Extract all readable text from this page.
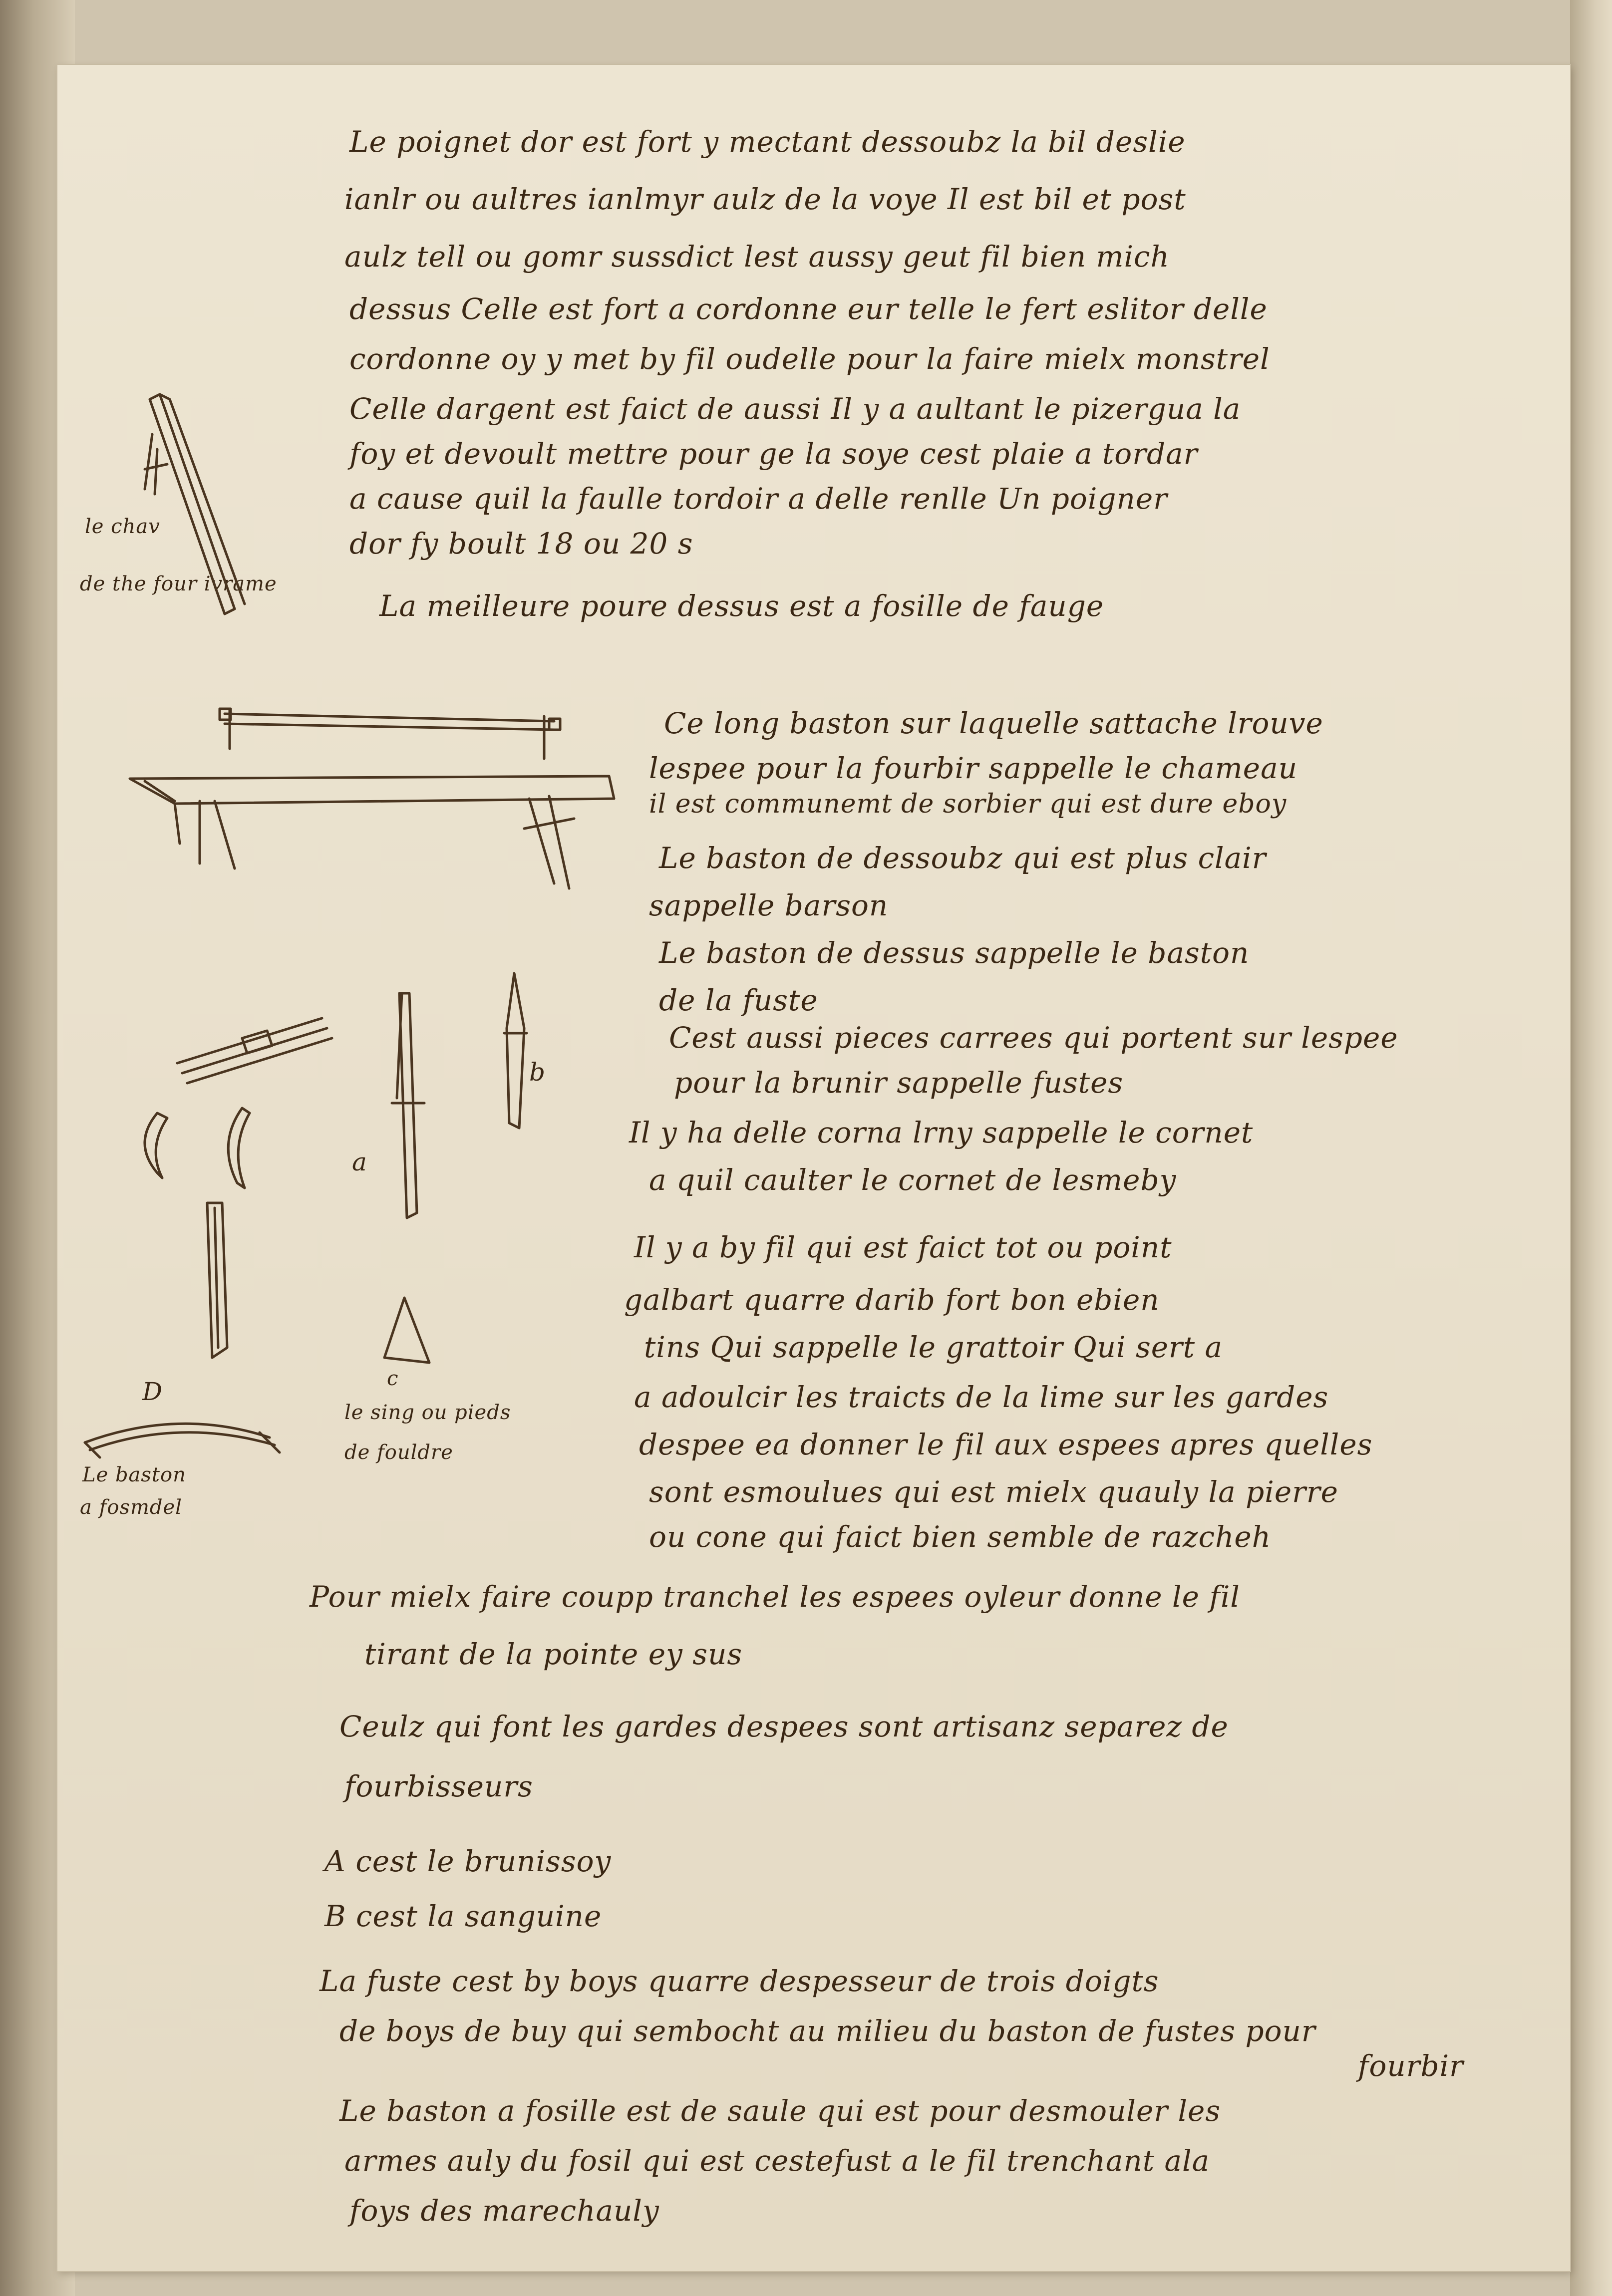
Le poignet dor est fort y mectant dessoubz la bil deslie
ianlr ou aultres ianlmyr aulz de la voye Il est bil et post
aulz tell ou gomr sussdict lest aussy geut fil bien mich
dessus Celle est fort a cordonne eur telle le fert eslitor delle
cordonne oy y met by fil oudelle pour la faire mielx monstrel
Celle dargent est faict de aussi Il y a aultant le pizergua la
foy et devoult mettre pour ge la soye cest plaie a tordar
a cause quil la faulle tordoir a delle renlle Un poigner
dor fy boult 18 ou 20 s
La meilleure poure dessus est a fosille de fauge
Ce long baston sur laquelle sattache lrouve
lespee pour la fourbir sappelle le chameau
il est communemt de sorbier qui est dure eboy
Le baston de dessoubz qui est plus clair
sappelle barson
Le baston de dessus sappelle le baston
de la fuste
Cest aussi pieces carrees qui portent sur lespee
pour la brunir sappelle fustes
Il y ha delle corna lrny sappelle le cornet
a quil caulter le cornet de lesmeby
Il y a by fil qui est faict tot ou point
galbart quarre darib fort bon ebien
tins Qui sappelle le grattoir Qui sert a
a adoulcir les traicts de la lime sur les gardes
despee ea donner le fil aux espees apres quelles
sont esmoulues qui est mielx quauly la pierre
ou cone qui faict bien semble de razcheh
Pour mielx faire coupp tranchel les espees oyleur donne le fil
tirant de la pointe ey sus
Ceulz qui font les gardes despees sont artisanz separez de
fourbisseurs
A cest le brunissoy
B cest la sanguine
La fuste cest by boys quarre despesseur de trois doigts
de boys de buy qui sembocht au milieu du baston de fustes pour
fourbir
Le baston a fosille est de saule qui est pour desmouler les
armes auly du fosil qui est cestefust a le fil trenchant ala
foys des marechauly
le chav
de the four ivrame
le sing ou pieds
de fouldre
Le baston
a fosmdel
a
b
c
D
